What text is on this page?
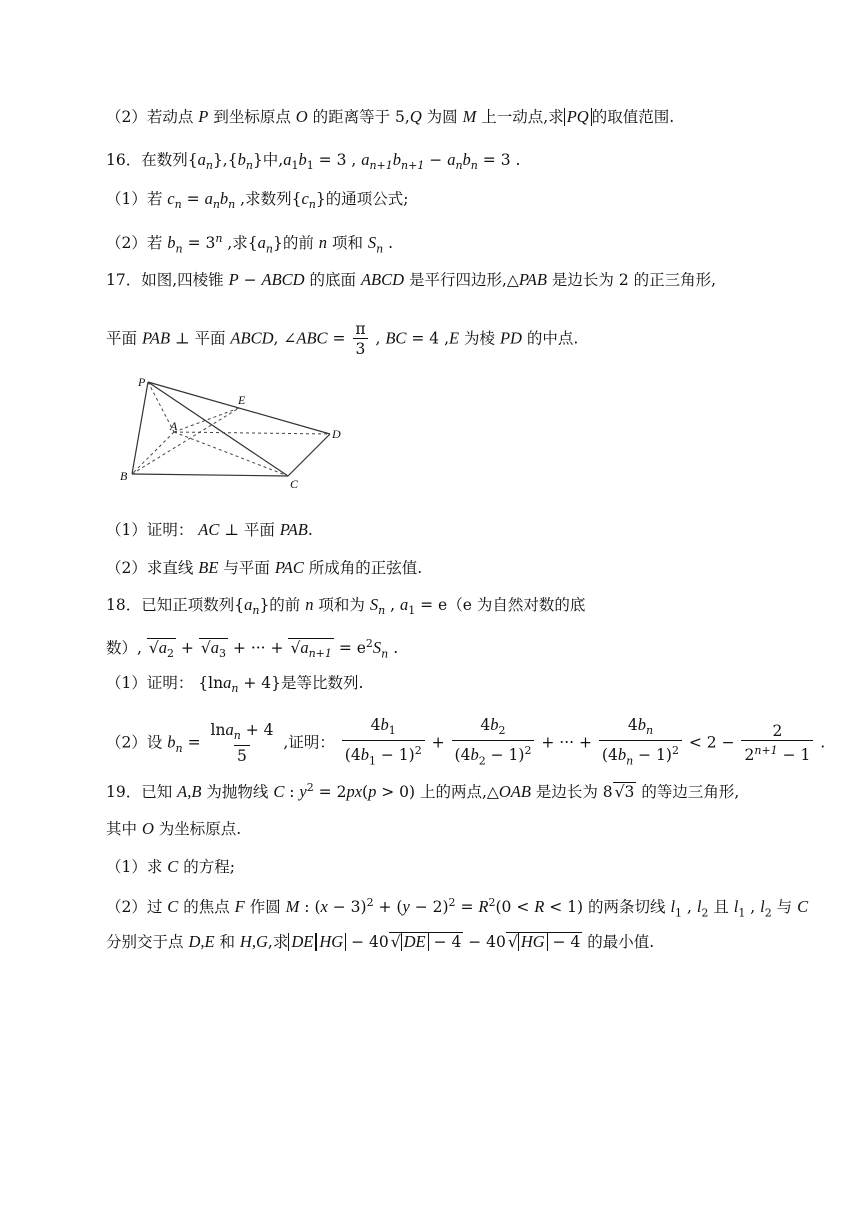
（2）若动点 P 到坐标原点 O 的距离等于 5,Q 为圆 M 上一动点,求 PQ 的取值范围.
16．在数列$\{a_n\},\{b_n\}$中$,a_1b_1 = 3$ , $a_{n+1}b_{n+1} - a_nb_n = 3$ .
（1）若 $c_n = a_nb_n$ ,求数列$\{c_n\}$的通项公式;
（2）若 $b_n = 3^n$ ,求$\{a_n\}$的前 n 项和 $S_n$ .
17．如图,四棱锥 P − ABCD 的底面 ABCD 是平行四边形,△PAB 是边长为 2 的正三角形,
平面 PAB ⊥ 平面 ABCD, ∠ABC = $\frac{\pi}{3}$ , BC = 4 ,E 为棱 PD 的中点.
P
A
B
C
D
E
（1）证明： AC ⊥ 平面 PAB.
（2）求直线 BE 与平面 PAC 所成角的正弦值.
18．已知正项数列$\{a_n\}$的前 n 项和为 $S_n$ , $a_1 = e(e$ 为自然对数的底
数）, $√a_2 + √a_3$ + ··· + $√a_{n+1} = e^2S_n$ .
（1）证明： {lna$_n$ + 4}是等比数列.
（2）设 $b_n = \frac{\ln a_n + 4}{5}$ ,证明： $\frac{4b_1}{(4b_1 - 1)^2} + \frac{4b_2}{(4b_2 - 1)^2}$ + ··· + $\frac{4b_n}{(4b_n - 1)^2} < 2 - \frac{2}{2^{n+1} - 1}$ .
19．已知 A,B 为抛物线 C : $y^2 = 2px(p > 0)$ 上的两点,△OAB 是边长为 8 √3 的等边三角形,
其中 O 为坐标原点.
（1）求 C 的方程;
（2）过 C 的焦点 F 作圆 M : $(x - 3)^2 + (y - 2)^2 = R^2(0 < R < 1)$ 的两条切线 $l_1$ , $l_2$ 且 $l_1$ , $l_2$ 与 C
分别交于点 D,E 和 H,G,求 DE HG − 40 √ DE − 4 − 40 √ HG − 4 的最小值.
